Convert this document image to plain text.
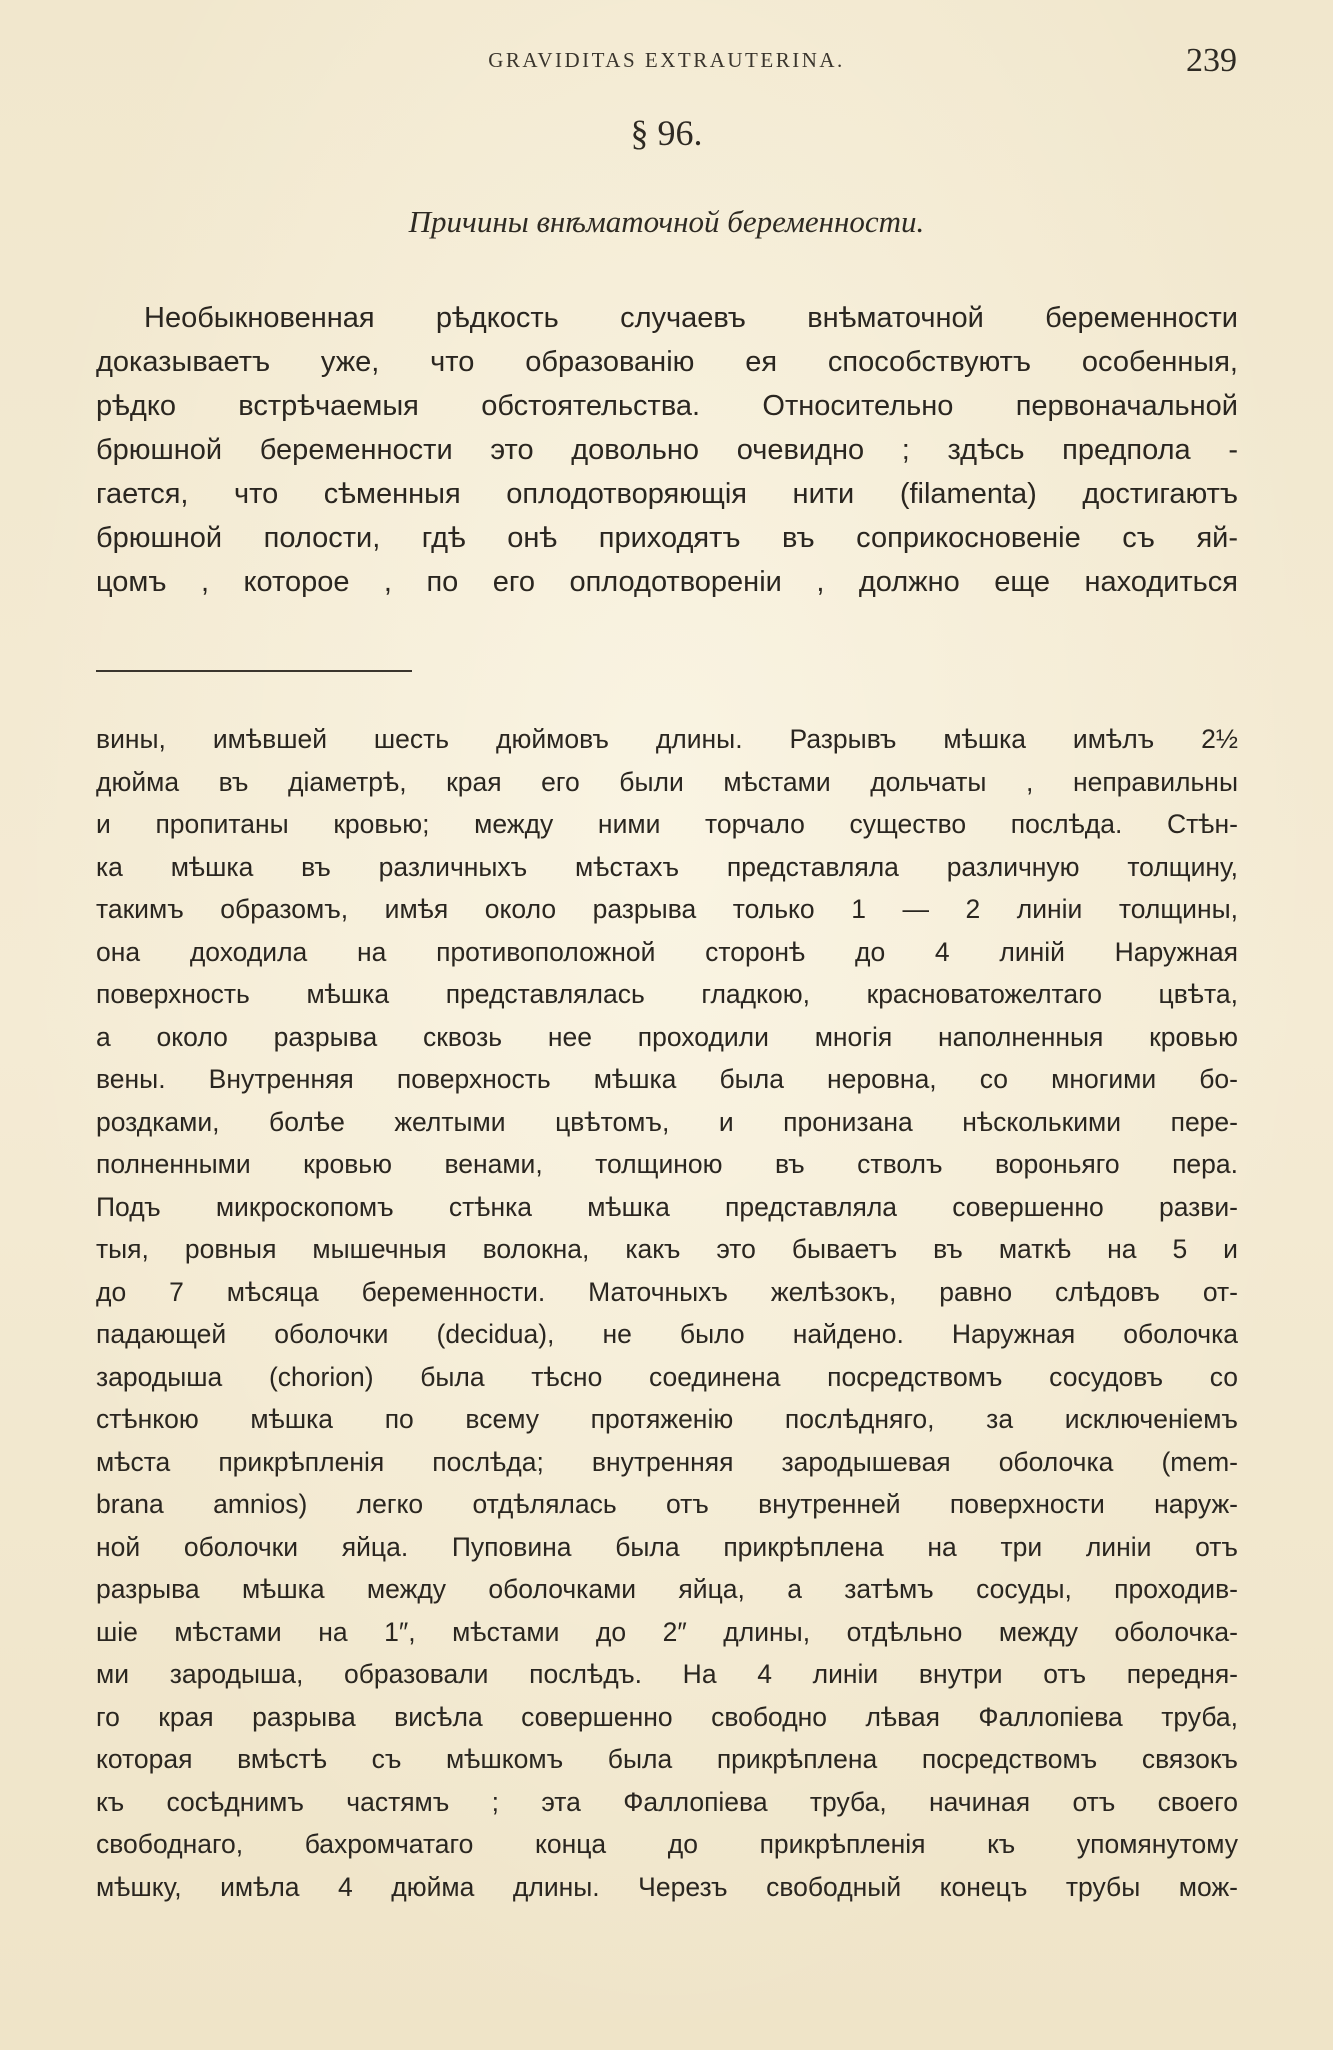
GRAVIDITAS EXTRAUTERINA.	239
§ 96.
Причины внѣматочной беременности.
Необыкновенная рѣдкость случаевъ внѣматочной беременности
доказываетъ уже, что образованію ея способствуютъ особенныя,
рѣдко встрѣчаемыя обстоятельства. Относительно первоначальной
брюшной беременности это довольно очевидно ; здѣсь предпола -
гается, что сѣменныя оплодотворяющія нити (filamenta) достигаютъ
брюшной полости, гдѣ онѣ приходятъ въ соприкосновеніе съ яй-
цомъ , которое , по его оплодотвореніи , должно еще находиться
вины, имѣвшей шесть дюймовъ длины. Разрывъ мѣшка имѣлъ 2½
дюйма въ діаметрѣ, края его были мѣстами дольчаты , неправильны
и пропитаны кровью; между ними торчало существо послѣда. Стѣн-
ка мѣшка въ различныхъ мѣстахъ представляла различную толщину,
такимъ образомъ, имѣя около разрыва только 1 — 2 линіи толщины,
она доходила на противоположной сторонѣ до 4 линій Наружная
поверхность мѣшка представлялась гладкою, красноватожелтаго цвѣта,
а около разрыва сквозь нее проходили многія наполненныя кровью
вены. Внутренняя поверхность мѣшка была неровна, со многими бо-
роздками, болѣе желтыми цвѣтомъ, и пронизана нѣсколькими пере-
полненными кровью венами, толщиною въ стволъ вороньяго пера.
Подъ микроскопомъ стѣнка мѣшка представляла совершенно разви-
тыя, ровныя мышечныя волокна, какъ это бываетъ въ маткѣ на 5 и
до 7 мѣсяца беременности. Маточныхъ желѣзокъ, равно слѣдовъ от-
падающей оболочки (decidua), не было найдено. Наружная оболочка
зародыша (chorion) была тѣсно соединена посредствомъ сосудовъ со
стѣнкою мѣшка по всему протяженію послѣдняго, за исключеніемъ
мѣста прикрѣпленія послѣда; внутренняя зародышевая оболочка (mem-
brana amnios) легко отдѣлялась отъ внутренней поверхности наруж-
ной оболочки яйца. Пуповина была прикрѣплена на три линіи отъ
разрыва мѣшка между оболочками яйца, а затѣмъ сосуды, проходив-
шіе мѣстами на 1″, мѣстами до 2″ длины, отдѣльно между оболочка-
ми зародыша, образовали послѣдъ. На 4 линіи внутри отъ передня-
го края разрыва висѣла совершенно свободно лѣвая Фаллопіева труба,
которая вмѣстѣ съ мѣшкомъ была прикрѣплена посредствомъ связокъ
къ сосѣднимъ частямъ ; эта Фаллопіева труба, начиная отъ своего
свободнаго, бахромчатаго конца до прикрѣпленія къ упомянутому
мѣшку, имѣла 4 дюйма длины. Черезъ свободный конецъ трубы мож-
